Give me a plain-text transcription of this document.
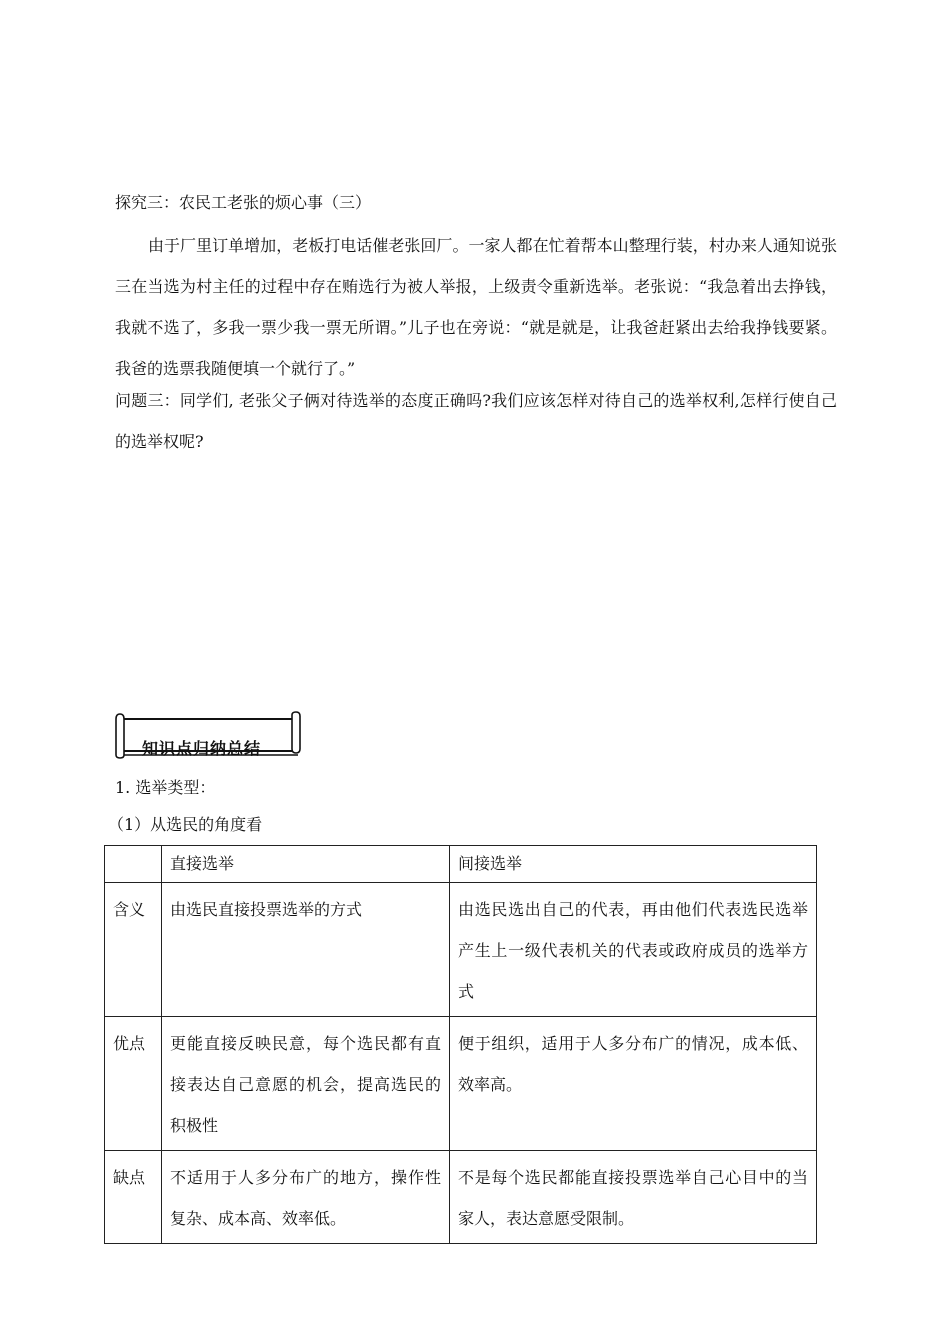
探究三：农民工老张的烦心事（三）
由于厂里订单增加，老板打电话催老张回厂。一家人都在忙着帮本山整理行装，村办来人通知说张三在当选为村主任的过程中存在贿选行为被人举报，上级责令重新选举。老张说：“我急着出去挣钱，我就不选了，多我一票少我一票无所谓。”儿子也在旁说：“就是就是，让我爸赶紧出去给我挣钱要紧。我爸的选票我随便填一个就行了。”
问题三：同学们, 老张父子俩对待选举的态度正确吗?我们应该怎样对待自己的选举权利,怎样行使自己的选举权呢?
知识点归纳总结
1. 选举类型：
（1）从选民的角度看
	直接选举	间接选举
含义	由选民直接投票选举的方式	由选民选出自己的代表，再由他们代表选民选举产生上一级代表机关的代表或政府成员的选举方式
优点	更能直接反映民意，每个选民都有直接表达自己意愿的机会，提高选民的积极性	便于组织，适用于人多分布广的情况，成本低、效率高。
缺点	不适用于人多分布广的地方，操作性复杂、成本高、效率低。	不是每个选民都能直接投票选举自己心目中的当家人，表达意愿受限制。
